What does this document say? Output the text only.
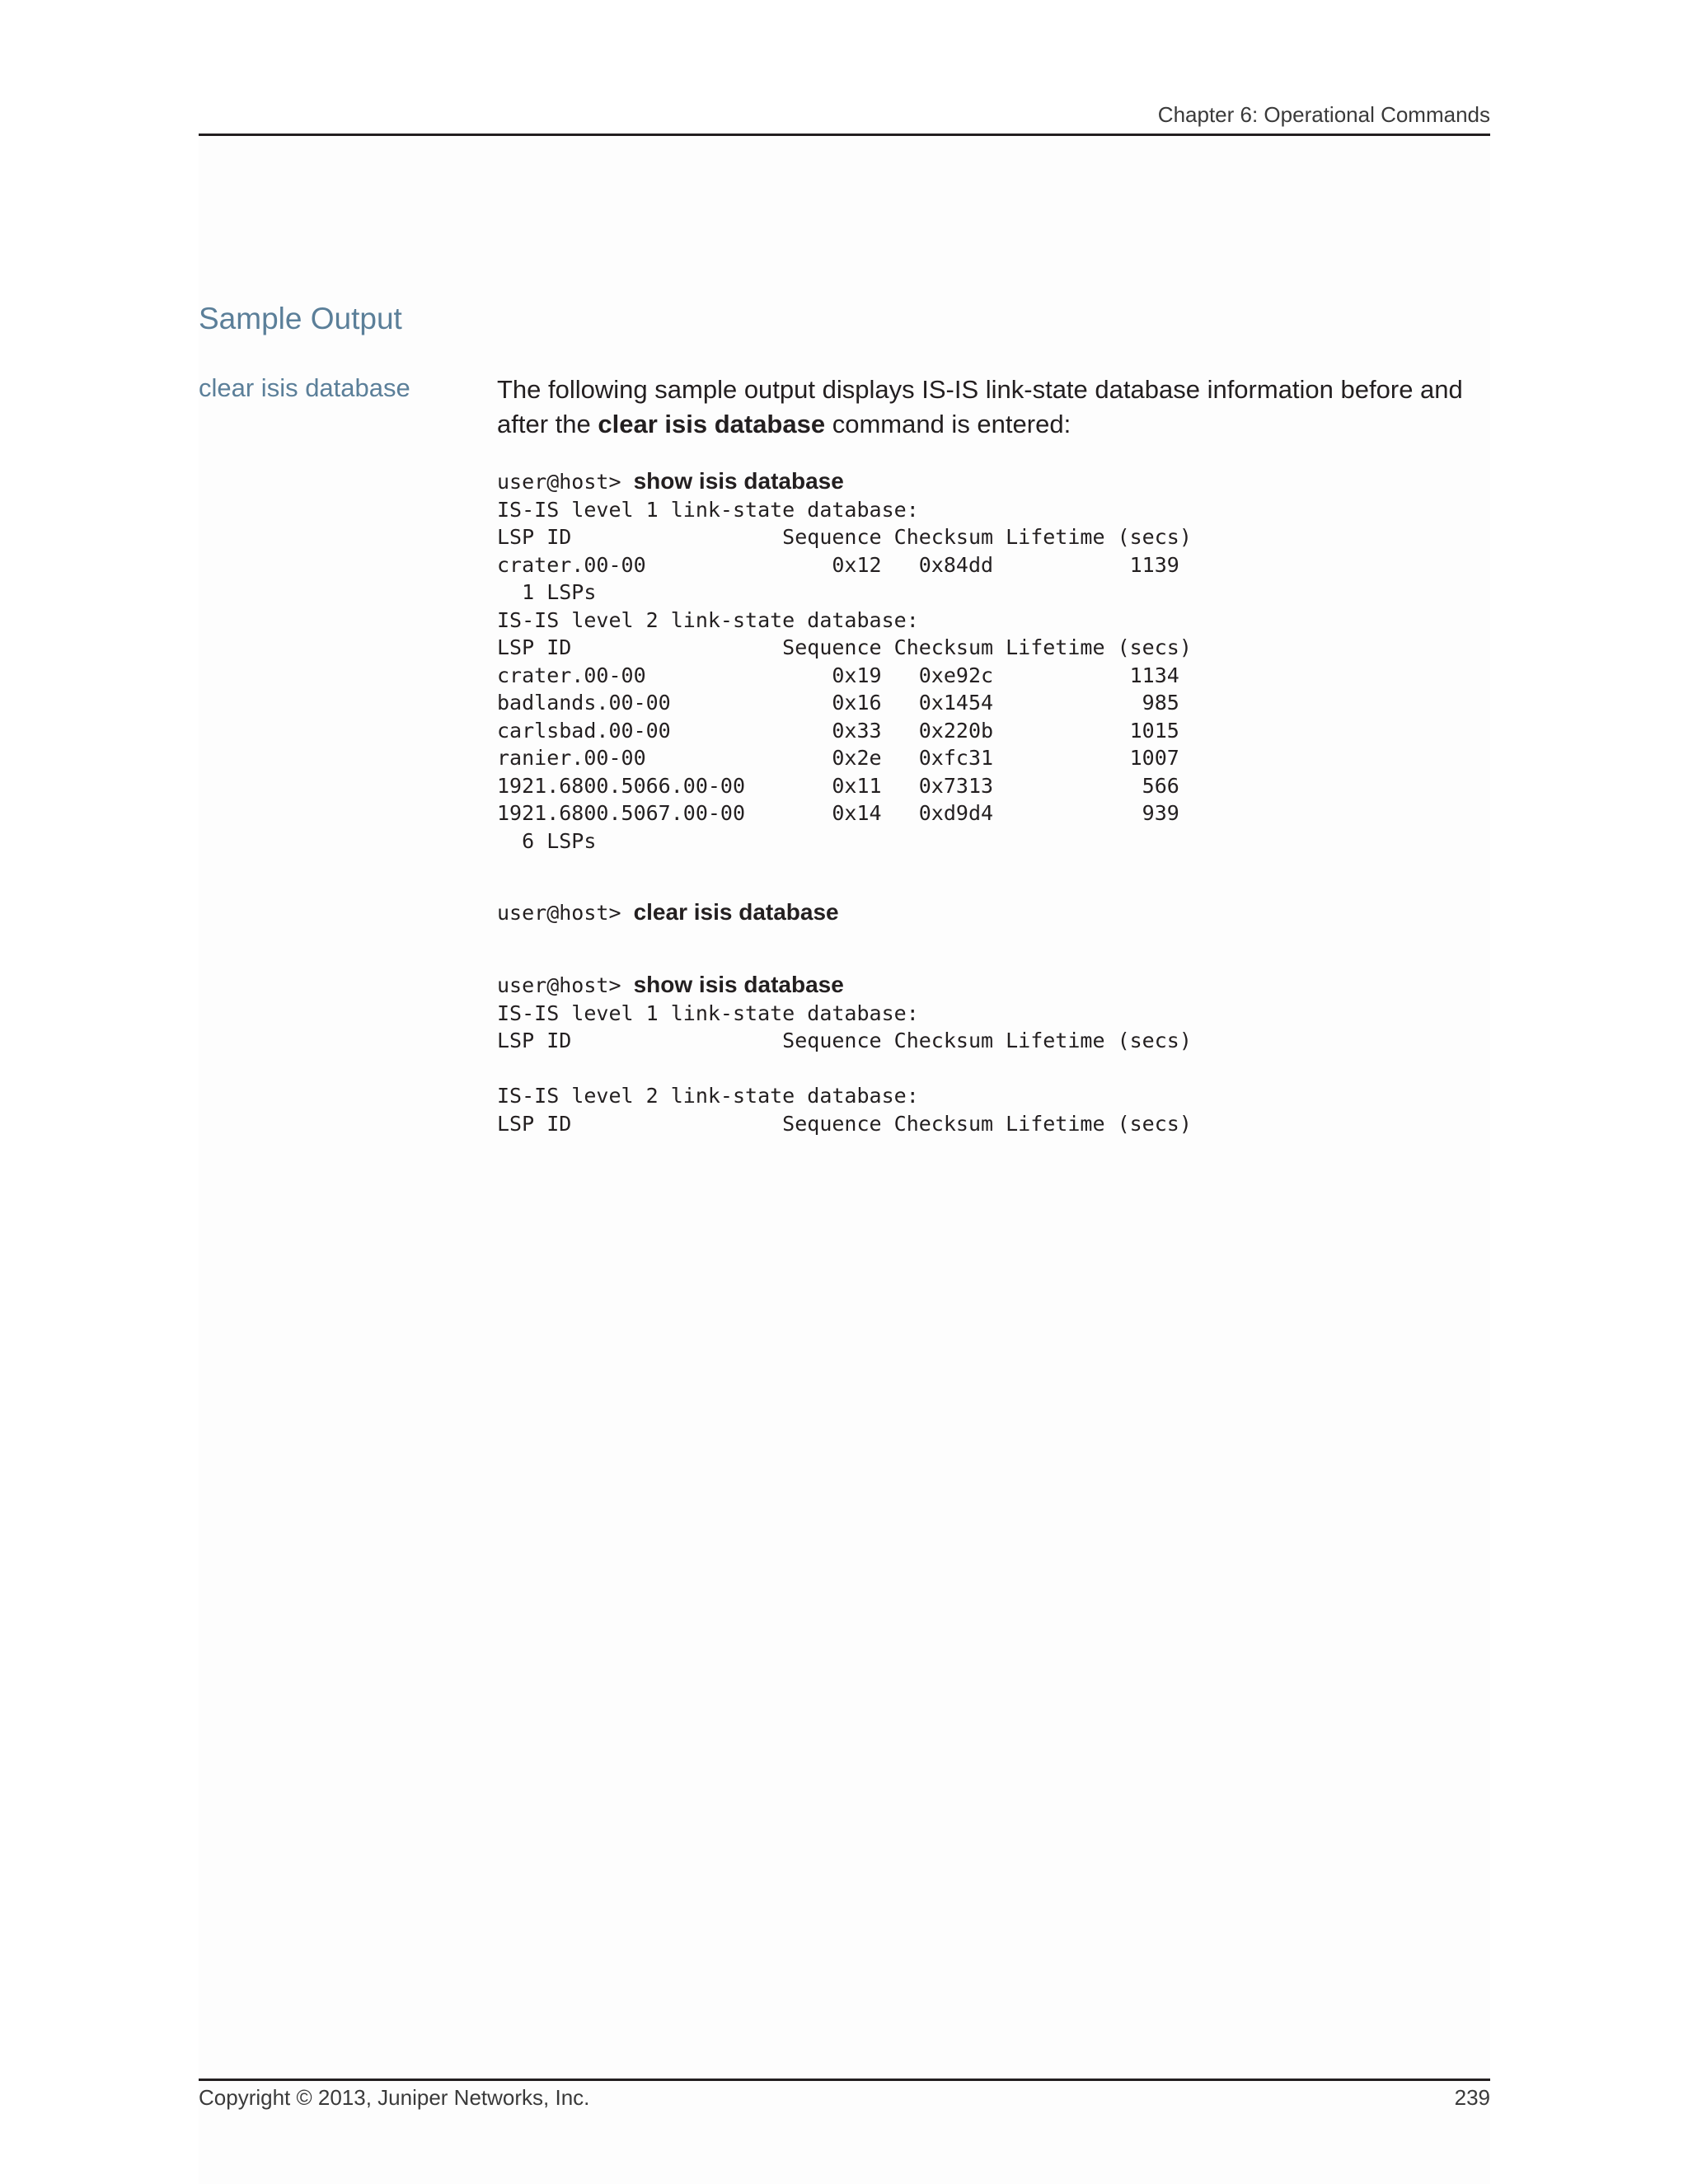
Chapter 6: Operational Commands
Sample Output
clear isis database	The following sample output displays IS-IS link-state database information before and after the clear isis database command is entered:
user@host> show isis database
IS-IS level 1 link-state database:
LSP ID                 Sequence Checksum Lifetime (secs)
crater.00-00               0x12   0x84dd           1139
1 LSPs
IS-IS level 2 link-state database:
LSP ID                 Sequence Checksum Lifetime (secs)
crater.00-00               0x19   0xe92c           1134
badlands.00-00             0x16   0x1454            985
carlsbad.00-00             0x33   0x220b           1015
ranier.00-00               0x2e   0xfc31           1007
1921.6800.5066.00-00       0x11   0x7313            566
1921.6800.5067.00-00       0x14   0xd9d4            939
6 LSPs
user@host> clear isis database
user@host> show isis database
IS-IS level 1 link-state database:
LSP ID                 Sequence Checksum Lifetime (secs)

IS-IS level 2 link-state database:
LSP ID                 Sequence Checksum Lifetime (secs)
Copyright © 2013, Juniper Networks, Inc.	239
